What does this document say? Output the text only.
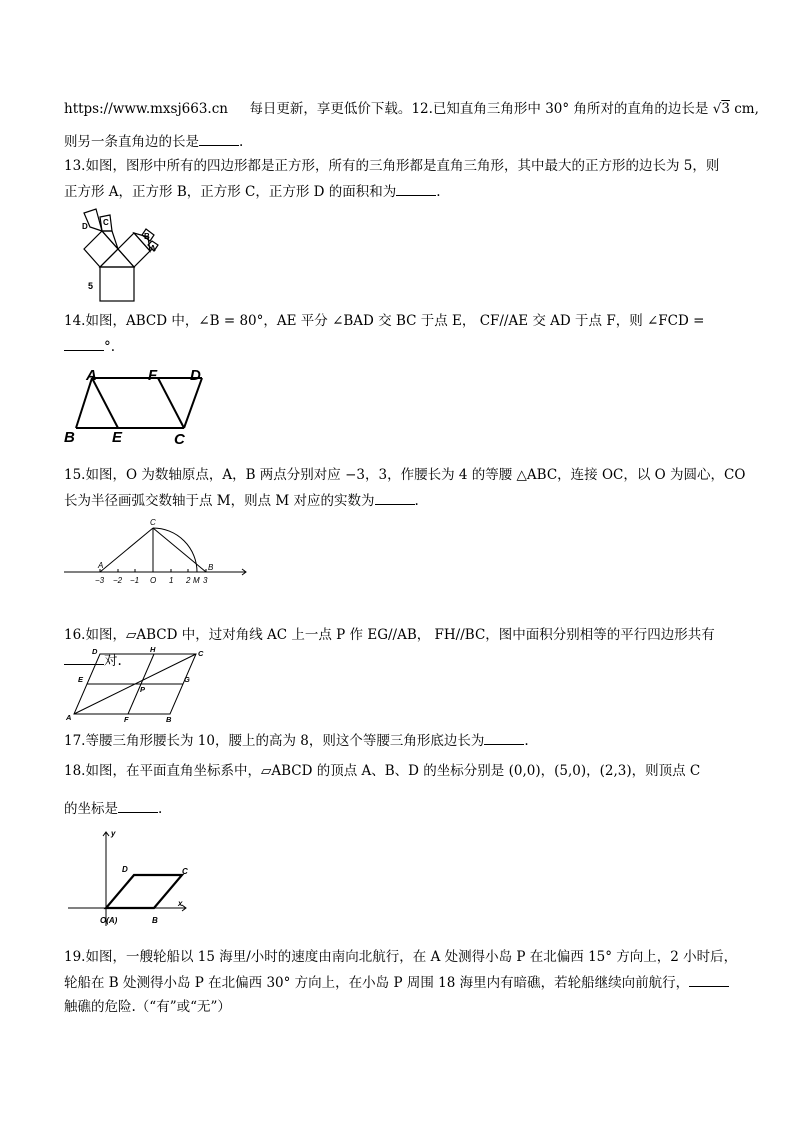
https://www.mxsj663.cn 每日更新，享更低价下载。12.已知直角三角形中 30° 角所对的直角的边长是 √3 cm,
则另一条直角边的长是	.
13.如图，图形中所有的四边形都是正方形，所有的三角形都是直角三角形，其中最大的正方形的边长为 5，则
正方形 A，正方形 B，正方形 C，正方形 D 的面积和为	.
D C
B
A
5
14.如图，ABCD 中，∠B = 80°，AE 平分 ∠BAD 交 BC 于点 E， CF//AE 交 AD 于点 F，则 ∠FCD =
°.
A	F D
B E	C
15.如图，O 为数轴原点，A，B 两点分别对应 −3，3，作腰长为 4 的等腰 △ABC，连接 OC，以 O 为圆心，CO
长为半径画弧交数轴于点 M，则点 M 对应的实数为	.
C
A	B
−3 −2 −1 O 1 2 M 3
16.如图，▱ABCD 中，过对角线 AC 上一点 P 作 EG//AB， FH//BC，图中面积分别相等的平行四边形共有
对.
D	H	C
E
P
G
A	F	B
17.等腰三角形腰长为 10，腰上的高为 8，则这个等腰三角形底边长为	.
18.如图，在平面直角坐标系中，▱ABCD 的顶点 A、B、D 的坐标分别是 (0,0)，(5,0)，(2,3)，则顶点 C
的坐标是	.
y
x
D	C
O(A)	B
19.如图，一艘轮船以 15 海里/小时的速度由南向北航行，在 A 处测得小岛 P 在北偏西 15° 方向上，2 小时后，
轮船在 B 处测得小岛 P 在北偏西 30° 方向上，在小岛 P 周围 18 海里内有暗礁，若轮船继续向前航行，
触礁的危险.（“有”或“无”）
